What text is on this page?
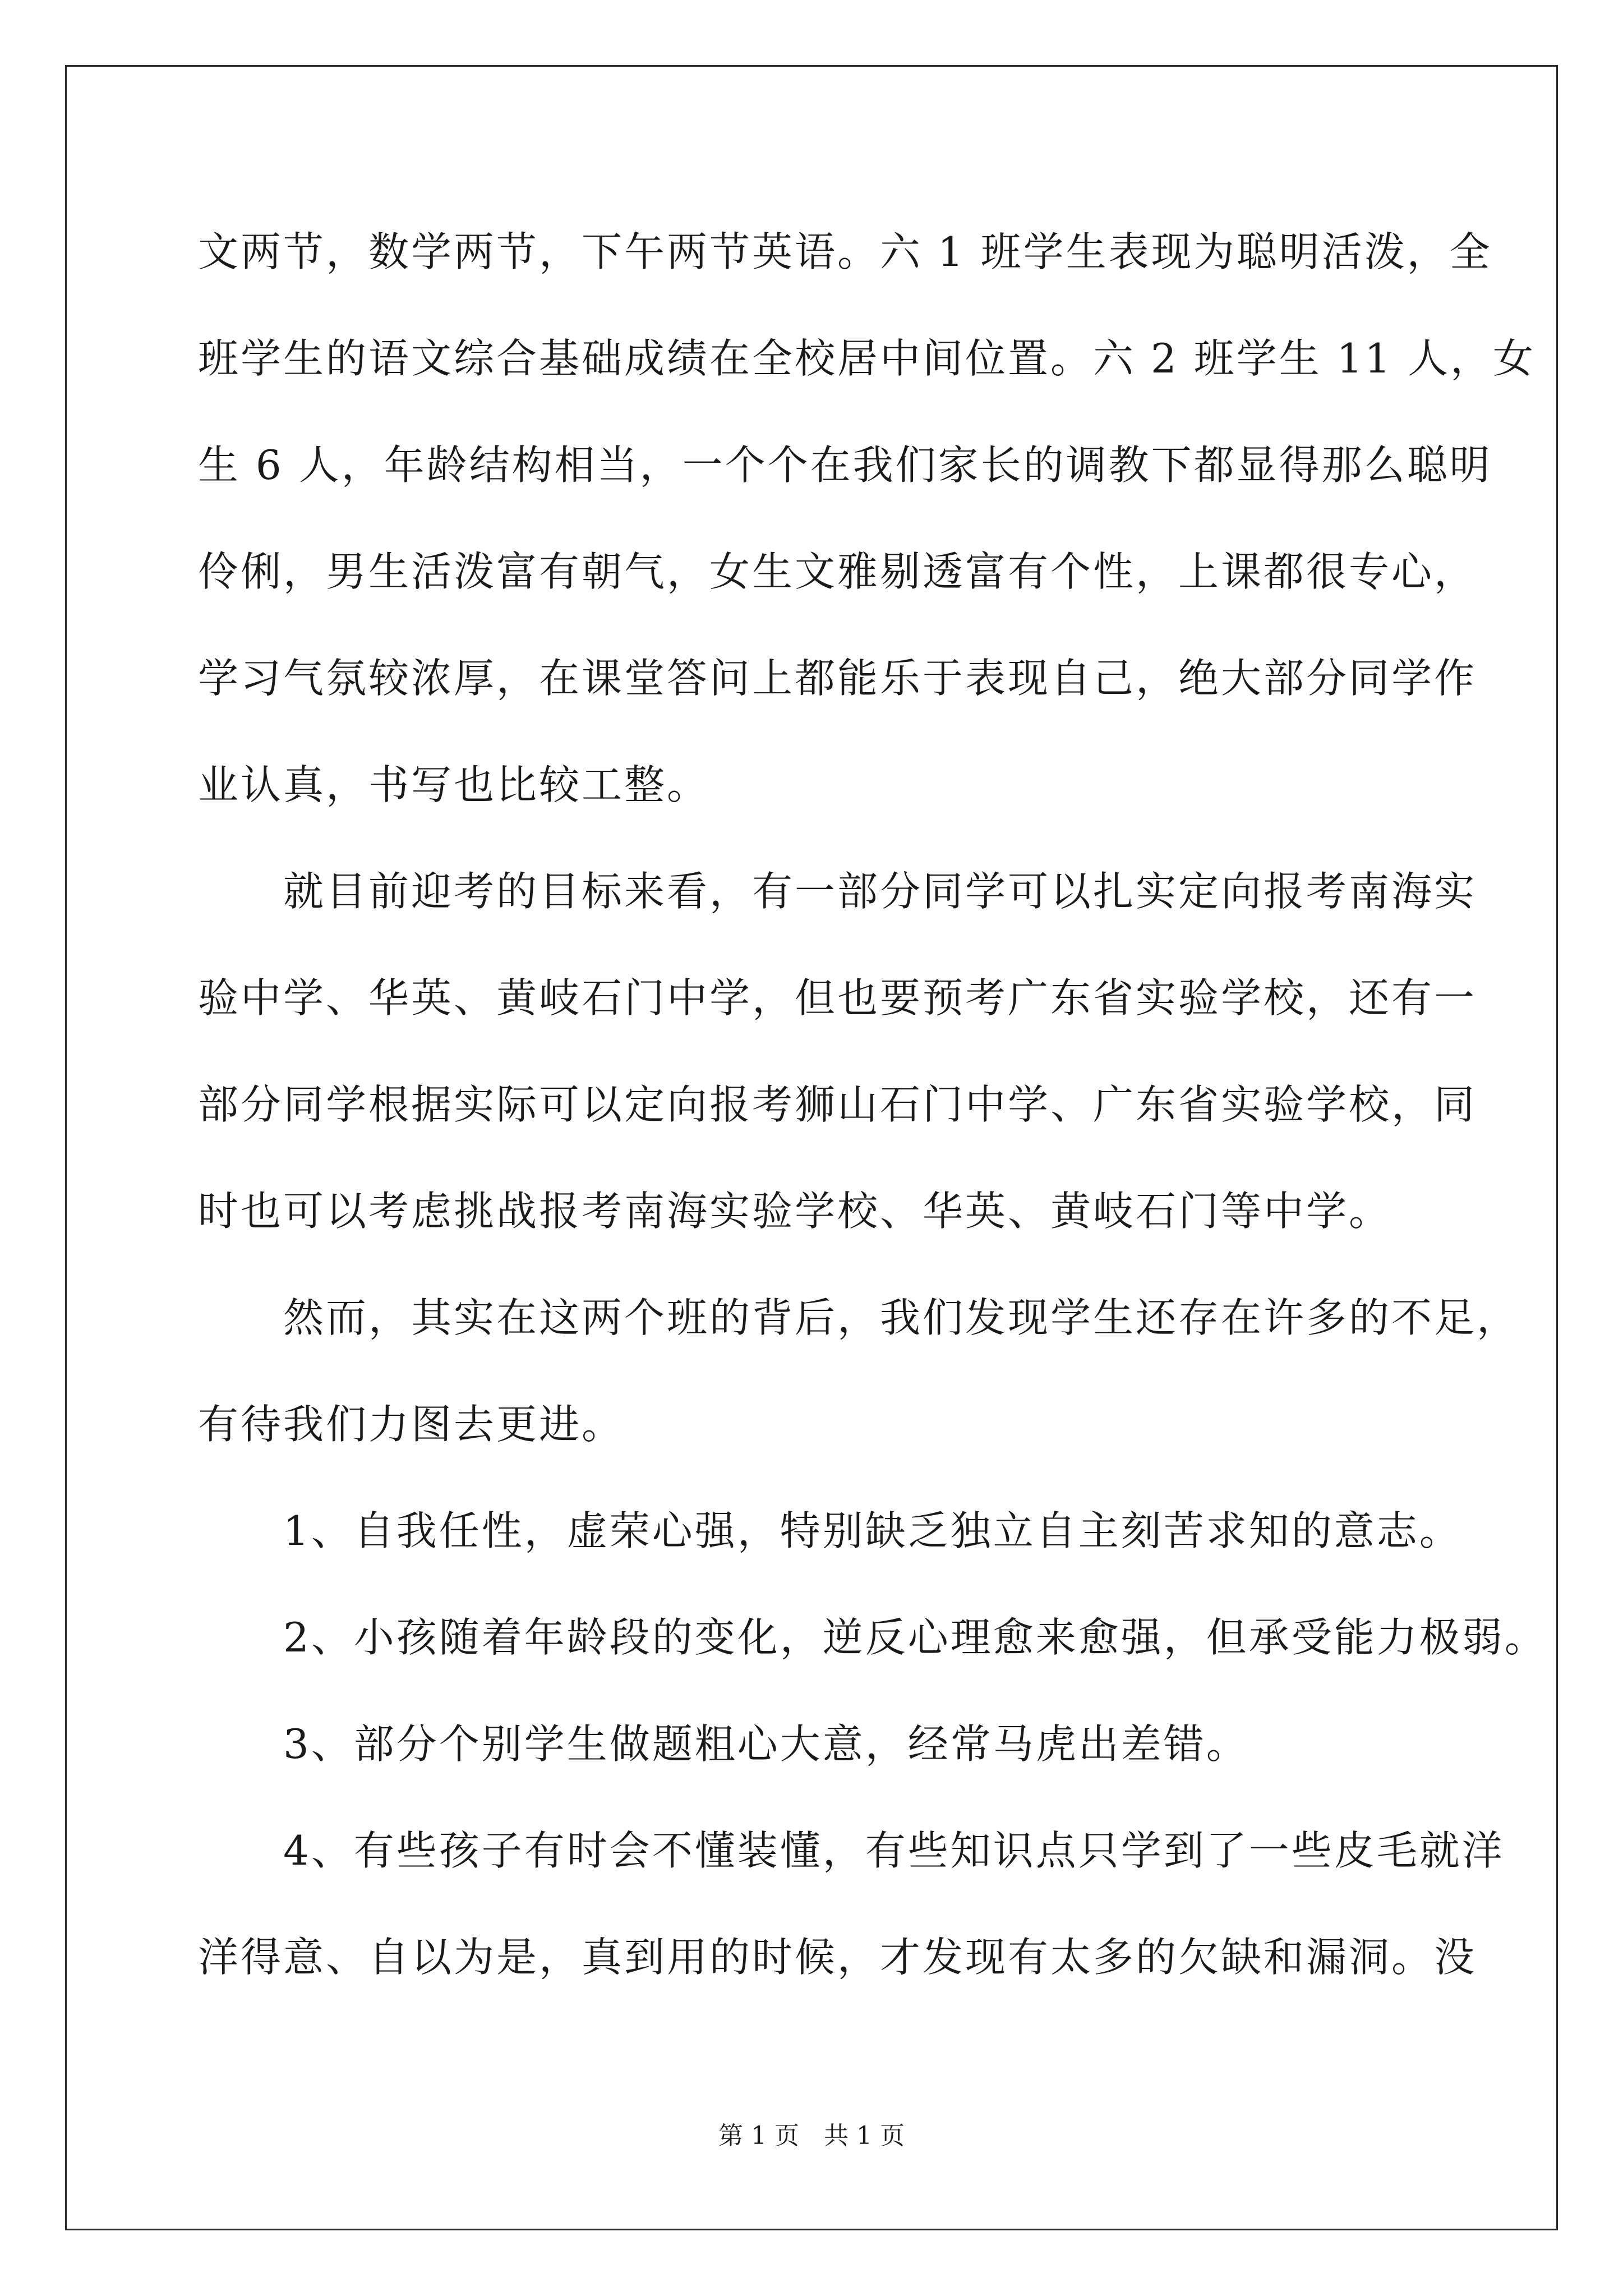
文两节，数学两节，下午两节英语。六 1 班学生表现为聪明活泼，全
班学生的语文综合基础成绩在全校居中间位置。六 2 班学生 11 人，女
生 6 人，年龄结构相当，一个个在我们家长的调教下都显得那么聪明
伶俐，男生活泼富有朝气，女生文雅剔透富有个性，上课都很专心，
学习气氛较浓厚，在课堂答问上都能乐于表现自己，绝大部分同学作
业认真，书写也比较工整。
　　就目前迎考的目标来看，有一部分同学可以扎实定向报考南海实
验中学、华英、黄岐石门中学，但也要预考广东省实验学校，还有一
部分同学根据实际可以定向报考狮山石门中学、广东省实验学校，同
时也可以考虑挑战报考南海实验学校、华英、黄岐石门等中学。
　　然而，其实在这两个班的背后，我们发现学生还存在许多的不足，
有待我们力图去更进。
　　1、自我任性，虚荣心强，特别缺乏独立自主刻苦求知的意志。
　　2、小孩随着年龄段的变化，逆反心理愈来愈强，但承受能力极弱。
　　3、部分个别学生做题粗心大意，经常马虎出差错。
　　4、有些孩子有时会不懂装懂，有些知识点只学到了一些皮毛就洋
洋得意、自以为是，真到用的时候，才发现有太多的欠缺和漏洞。没
第 1 页　共 1 页
